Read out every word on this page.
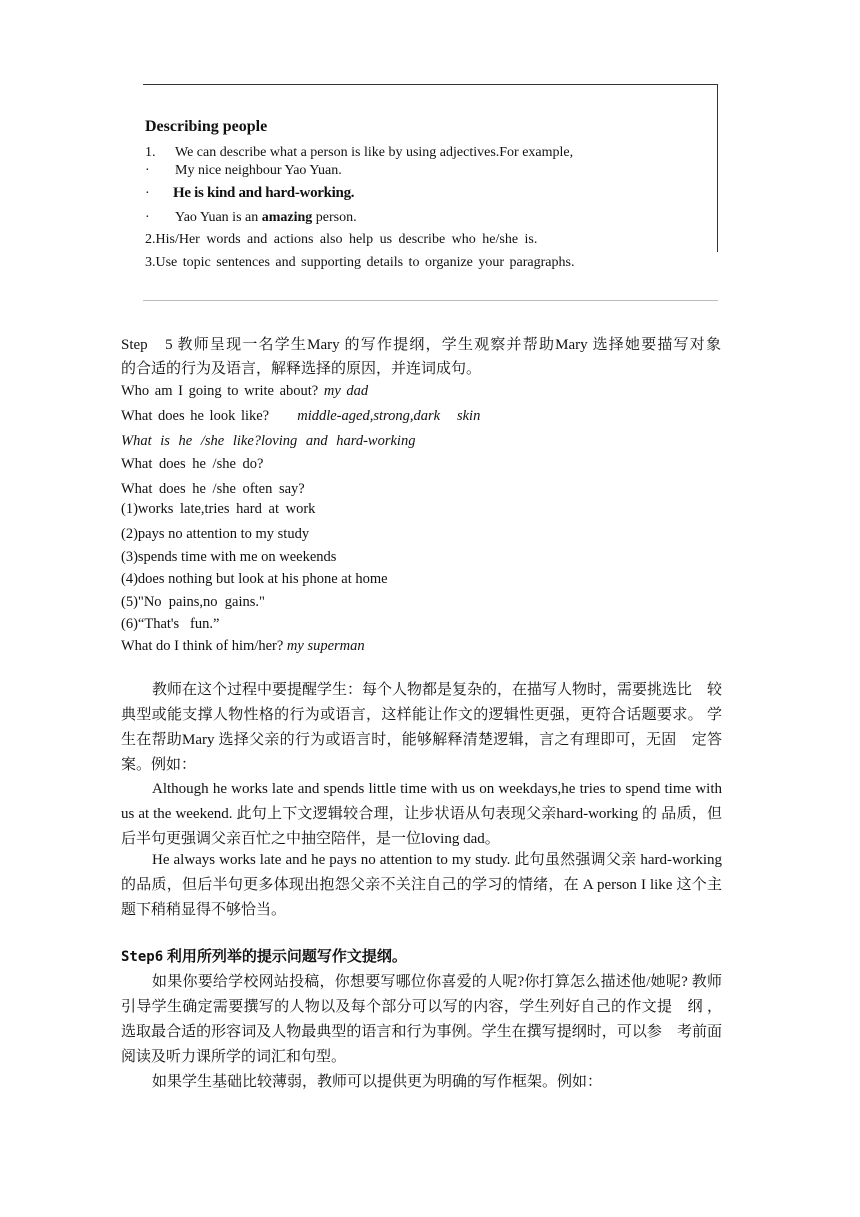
Describing people
1. We can describe what a person is like by using adjectives.For example,
· My nice neighbour Yao Yuan.
· He is kind and hard-working.
· Yao Yuan is an amazing person.
2.His/Her words and actions also help us describe who he/she is.
3.Use topic sentences and supporting details to organize your paragraphs.
Step　5 教师呈现一名学生Mary 的写作提纲，学生观察并帮助Mary 选择她要描写对象
的合适的行为及语言，解释选择的原因，并连词成句。
Who am I going to write about? my dad
What does he look like?     middle-aged,strong,dark   skin
What is he /she like?loving and hard-working
What does he /she do?
What does he /she often say?
(1)works late,tries hard at work
(2)pays no attention to my study
(3)spends time with me on weekends
(4)does nothing but look at his phone at home
(5)"No  pains,no  gains."
(6)“That's   fun.”
What do I think of him/her? my superman
教师在这个过程中要提醒学生：每个人物都是复杂的，在描写人物时，需要挑选比　较典型或能支撑人物性格的行为或语言，这样能让作文的逻辑性更强，更符合话题要求。 学生在帮助Mary 选择父亲的行为或语言时，能够解释清楚逻辑，言之有理即可，无固　定答案。例如：
Although he works late and spends little time with us on weekdays,he tries to spend time with us at the weekend. 此句上下文逻辑较合理，让步状语从句表现父亲hard-working 的 品质，但后半句更强调父亲百忙之中抽空陪伴，是一位loving dad。
He always works late and he pays no attention to my study. 此句虽然强调父亲 hard-working 的品质，但后半句更多体现出抱怨父亲不关注自己的学习的情绪，在 A person I like 这个主题下稍稍显得不够恰当。
Step6 利用所列举的提示问题写作文提纲。
如果你要给学校网站投稿，你想要写哪位你喜爱的人呢?你打算怎么描述他/她呢? 教师引导学生确定需要撰写的人物以及每个部分可以写的内容，学生列好自己的作文提　纲 ，选取最合适的形容词及人物最典型的语言和行为事例。学生在撰写提纲时，可以参　考前面阅读及听力课所学的词汇和句型。
如果学生基础比较薄弱，教师可以提供更为明确的写作框架。例如：
